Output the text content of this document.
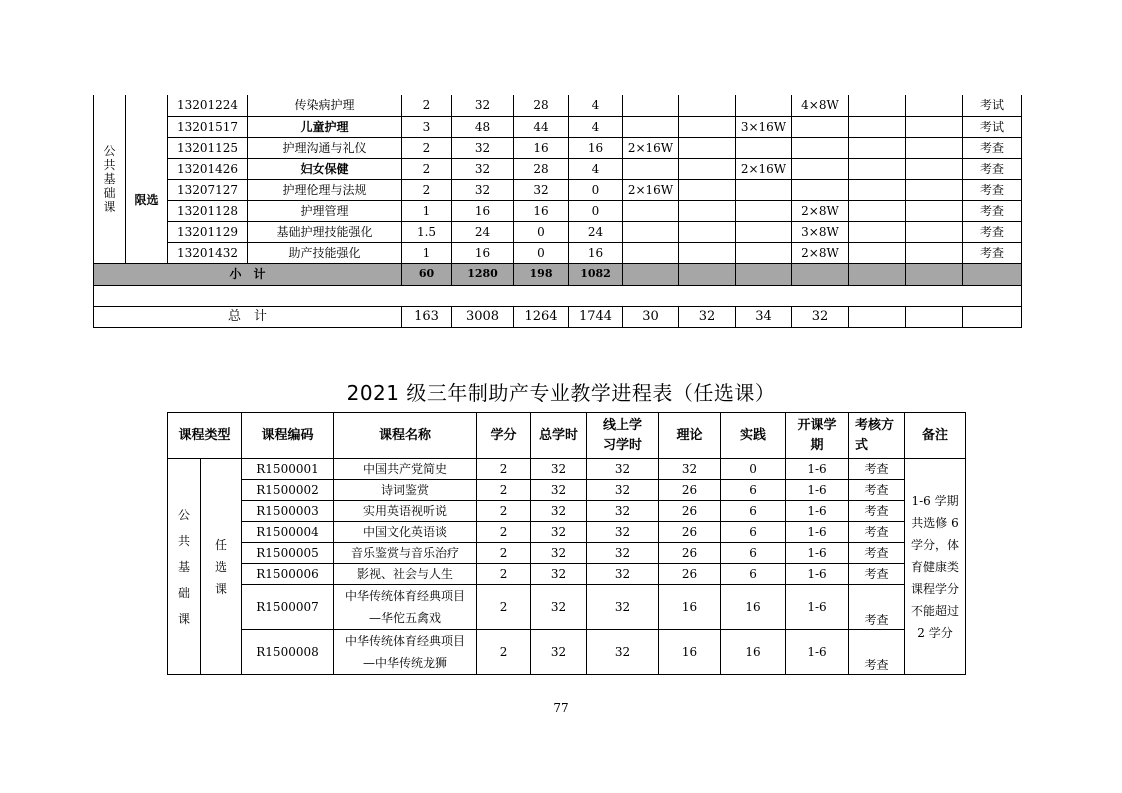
公
共
基
础
课		13201224	传染病护理	2	32	28	4				4×8W			考试
		13201517	儿童护理	3	48	44	4			3×16W				考试
	限选	13201125	护理沟通与礼仪	2	32	16	16	2×16W						考查
		13201426	妇女保健	2	32	28	4			2×16W				考查
		13207127	护理伦理与法规	2	32	32	0	2×16W						考查
		13201128	护理管理	1	16	16	0				2×8W			考查
		13201129	基础护理技能强化	1.5	24	0	24				3×8W			考查
		13201432	助产技能强化	1	16	0	16				2×8W			考查
小　计				60	1280	198	1082							

总　计				163	3008	1264	1744	30	32	34	32			
2021 级三年制助产专业教学进程表（任选课）
课程类型		课程编码	课程名称	学分	总学时	线上学习学时	理论	实践	开课学期	考核方式	备注
公共基础课	任
选
课	R1500001	中国共产党简史	2	32	32	32	0	1-6	考查	1-6 学期共选修 6 学分，体育健康类课程学分不能超过 2 学分
		R1500002	诗词鉴赏	2	32	32	26	6	1-6	考查	
		R1500003	实用英语视听说	2	32	32	26	6	1-6	考查	
		R1500004	中国文化英语谈	2	32	32	26	6	1-6	考查	
		R1500005	音乐鉴赏与音乐治疗	2	32	32	26	6	1-6	考查	
		R1500006	影视、社会与人生	2	32	32	26	6	1-6	考查	
		R1500007	中华传统体育经典项目
—华佗五禽戏	2	32	32	16	16	1-6	考查	
		R1500008	中华传统体育经典项目
—中华传统龙狮	2	32	32	16	16	1-6	考查	
77
